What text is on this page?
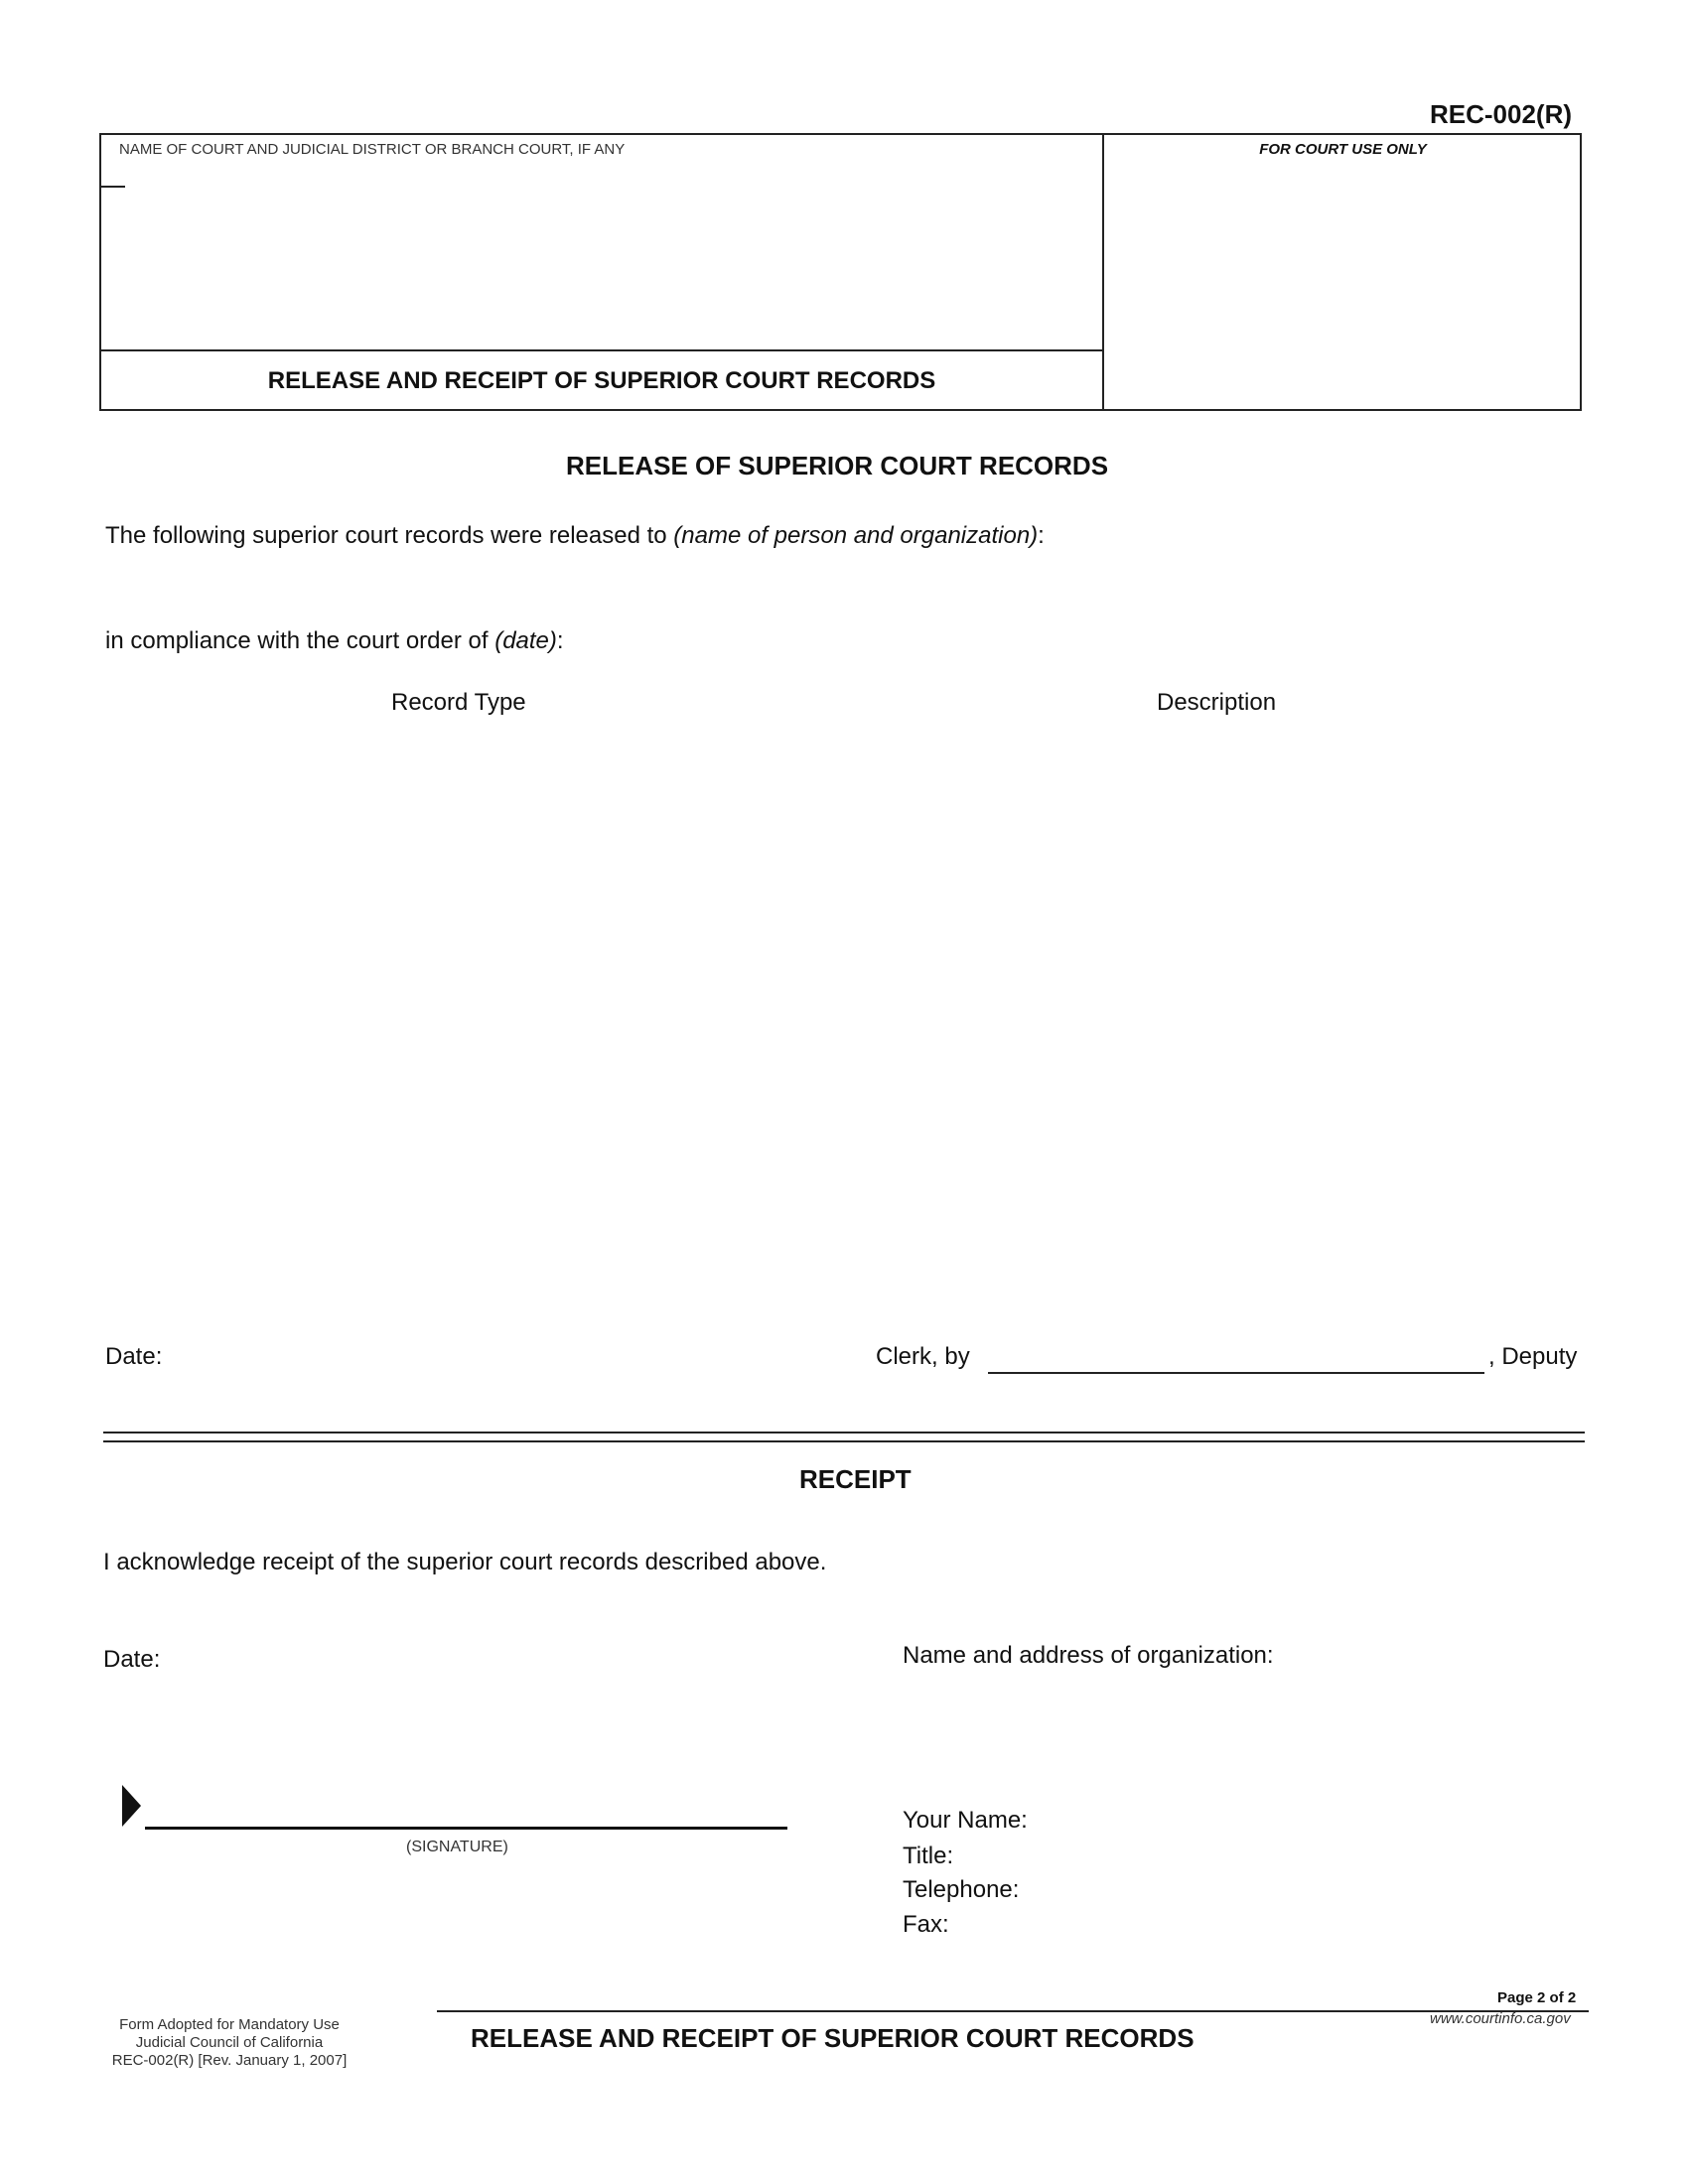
REC-002(R)
NAME OF COURT AND JUDICIAL DISTRICT OR BRANCH COURT, IF ANY
RELEASE AND RECEIPT OF SUPERIOR COURT RECORDS
FOR COURT USE ONLY
RELEASE OF SUPERIOR COURT RECORDS
The following superior court records were released to (name of person and organization):
in compliance with the court order of (date):
Record Type	Description
Date:	Clerk, by	, Deputy
RECEIPT
I acknowledge receipt of the superior court records described above.
Date:	Name and address of organization:
(SIGNATURE)
Your Name:
Title:
Telephone:
Fax:
Page 2 of 2
Form Adopted for Mandatory Use
Judicial Council of California
REC-002(R) [Rev. January 1, 2007]
RELEASE AND RECEIPT OF SUPERIOR COURT RECORDS
www.courtinfo.ca.gov
